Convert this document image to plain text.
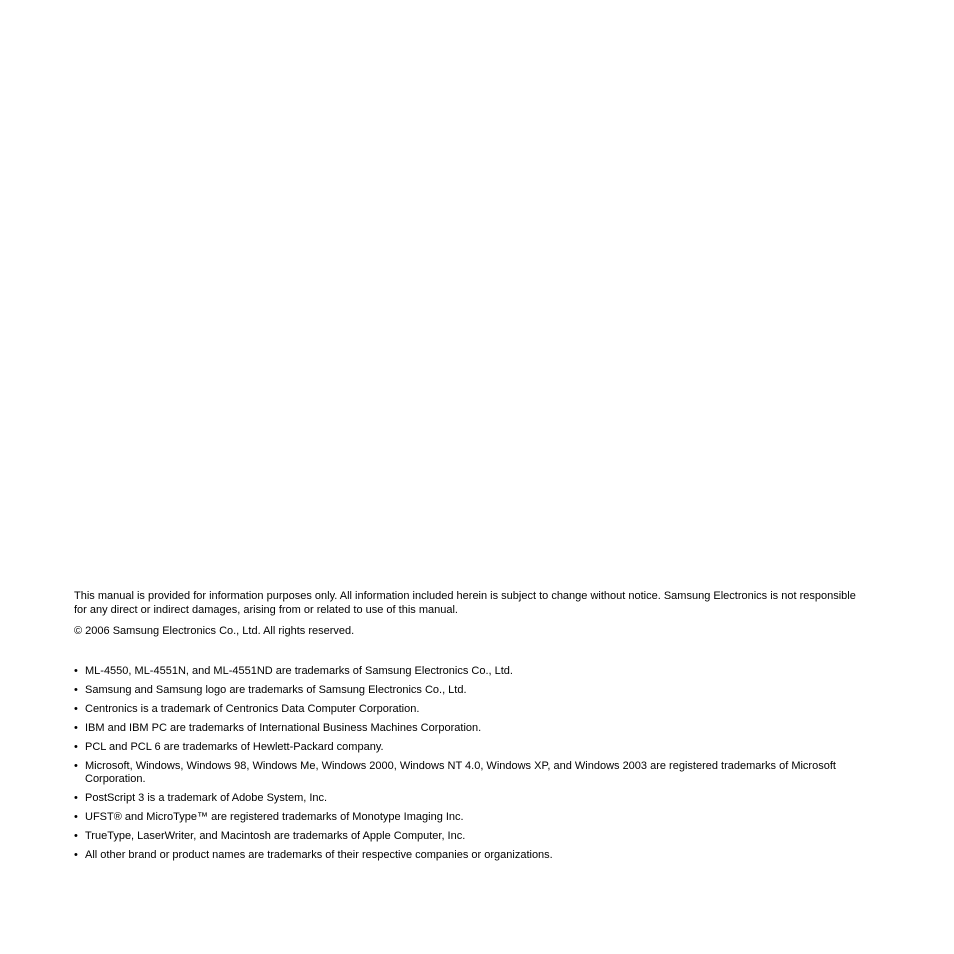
This manual is provided for information purposes only. All information included herein is subject to change without notice. Samsung Electronics is not responsible for any direct or indirect damages, arising from or related to use of this manual.

© 2006 Samsung Electronics Co., Ltd. All rights reserved.

• ML-4550, ML-4551N, and ML-4551ND are trademarks of Samsung Electronics Co., Ltd.
• Samsung and Samsung logo are trademarks of Samsung Electronics Co., Ltd.
• Centronics is a trademark of Centronics Data Computer Corporation.
• IBM and IBM PC are trademarks of International Business Machines Corporation.
• PCL and PCL 6 are trademarks of Hewlett-Packard company.
• Microsoft, Windows, Windows 98, Windows Me, Windows 2000, Windows NT 4.0, Windows XP, and Windows 2003 are registered trademarks of Microsoft Corporation.
• PostScript 3 is a trademark of Adobe System, Inc.
• UFST® and MicroType™ are registered trademarks of Monotype Imaging Inc.
• TrueType, LaserWriter, and Macintosh are trademarks of Apple Computer, Inc.
• All other brand or product names are trademarks of their respective companies or organizations.
